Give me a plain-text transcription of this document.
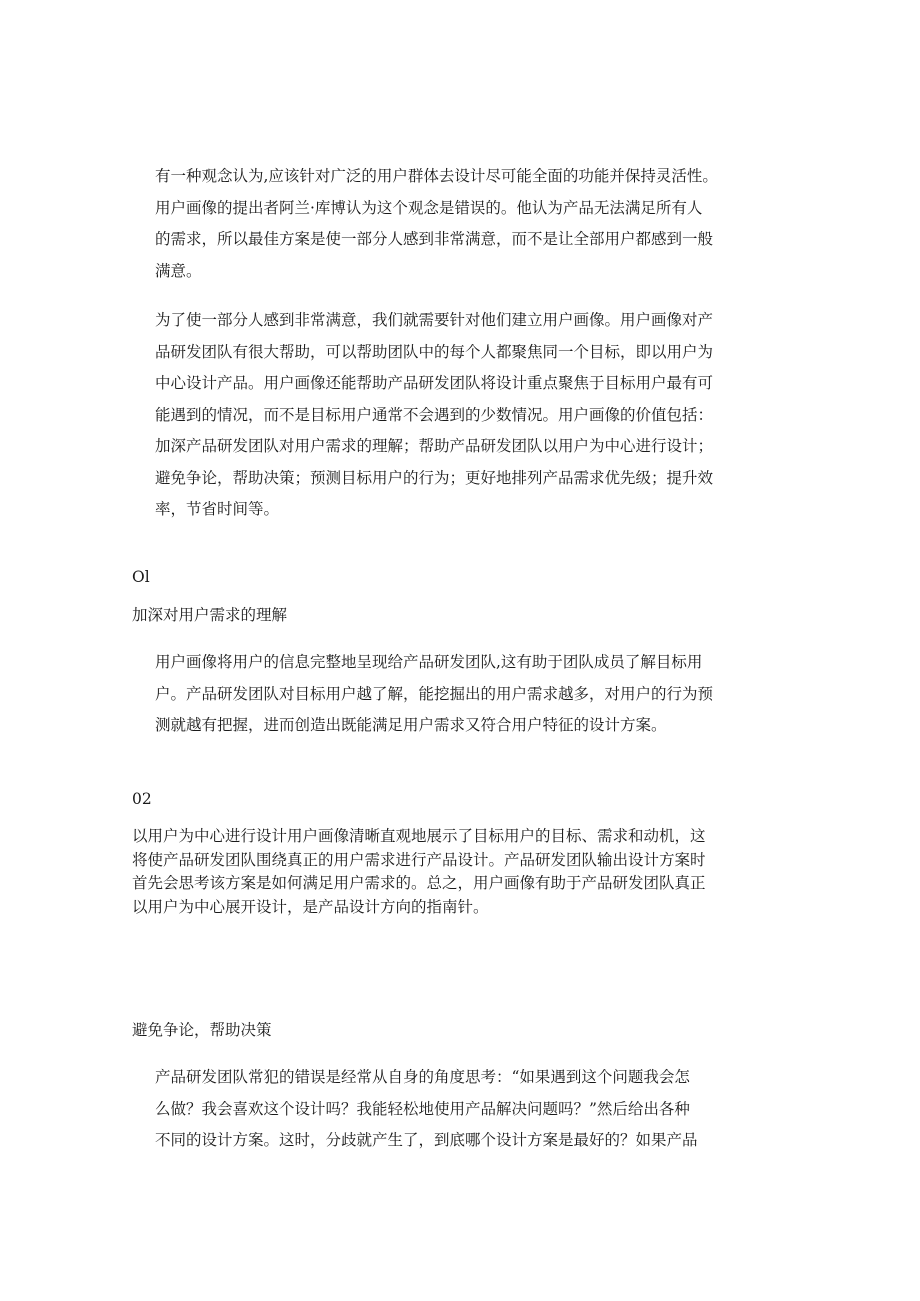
有一种观念认为,应该针对广泛的用户群体去设计尽可能全面的功能并保持灵活性。
用户画像的提出者阿兰·库博认为这个观念是错误的。他认为产品无法满足所有人
的需求，所以最佳方案是使一部分人感到非常满意，而不是让全部用户都感到一般
满意。
为了使一部分人感到非常满意，我们就需要针对他们建立用户画像。用户画像对产
品研发团队有很大帮助，可以帮助团队中的每个人都聚焦同一个目标，即以用户为
中心设计产品。用户画像还能帮助产品研发团队将设计重点聚焦于目标用户最有可
能遇到的情况，而不是目标用户通常不会遇到的少数情况。用户画像的价值包括：
加深产品研发团队对用户需求的理解；帮助产品研发团队以用户为中心进行设计；
避免争论，帮助决策；预测目标用户的行为；更好地排列产品需求优先级；提升效
率，节省时间等。
Ol
加深对用户需求的理解
用户画像将用户的信息完整地呈现给产品研发团队,这有助于团队成员了解目标用
户。产品研发团队对目标用户越了解，能挖掘出的用户需求越多，对用户的行为预
测就越有把握，进而创造出既能满足用户需求又符合用户特征的设计方案。
02
以用户为中心进行设计用户画像清晰直观地展示了目标用户的目标、需求和动机，这
将使产品研发团队围绕真正的用户需求进行产品设计。产品研发团队输出设计方案时
首先会思考该方案是如何满足用户需求的。总之，用户画像有助于产品研发团队真正
以用户为中心展开设计，是产品设计方向的指南针。
避免争论，帮助决策
产品研发团队常犯的错误是经常从自身的角度思考：“如果遇到这个问题我会怎
么做？我会喜欢这个设计吗？我能轻松地使用产品解决问题吗？”然后给出各种
不同的设计方案。这时，分歧就产生了，到底哪个设计方案是最好的？如果产品
